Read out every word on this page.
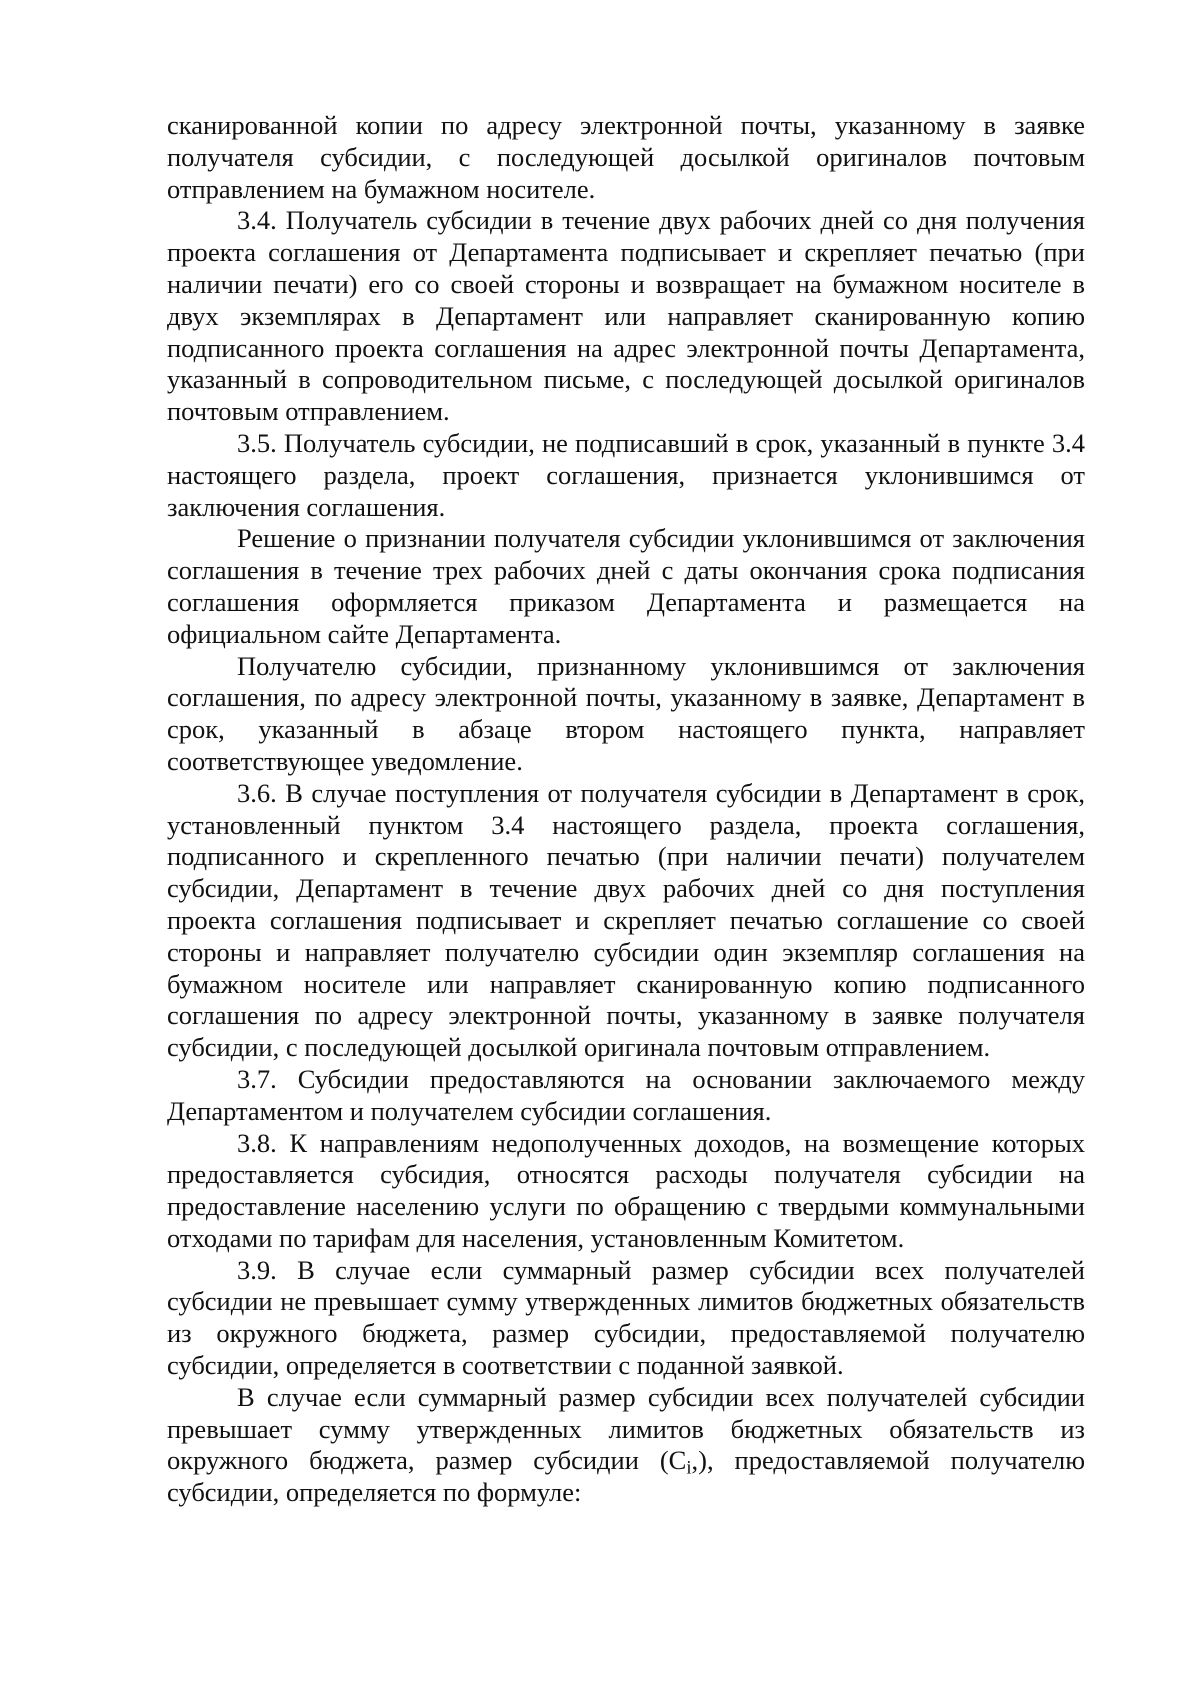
сканированной копии по адресу электронной почты, указанному в заявке получателя субсидии, с последующей досылкой оригиналов почтовым отправлением на бумажном носителе.

3.4. Получатель субсидии в течение двух рабочих дней со дня получения проекта соглашения от Департамента подписывает и скрепляет печатью (при наличии печати) его со своей стороны и возвращает на бумажном носителе в двух экземплярах в Департамент или направляет сканированную копию подписанного проекта соглашения на адрес электронной почты Департамента, указанный в сопроводительном письме, с последующей досылкой оригиналов почтовым отправлением.

3.5. Получатель субсидии, не подписавший в срок, указанный в пункте 3.4 настоящего раздела, проект соглашения, признается уклонившимся от заключения соглашения.

Решение о признании получателя субсидии уклонившимся от заключения соглашения в течение трех рабочих дней с даты окончания срока подписания соглашения оформляется приказом Департамента и размещается на официальном сайте Департамента.

Получателю субсидии, признанному уклонившимся от заключения соглашения, по адресу электронной почты, указанному в заявке, Департамент в срок, указанный в абзаце втором настоящего пункта, направляет соответствующее уведомление.

3.6. В случае поступления от получателя субсидии в Департамент в срок, установленный пунктом 3.4 настоящего раздела, проекта соглашения, подписанного и скрепленного печатью (при наличии печати) получателем субсидии, Департамент в течение двух рабочих дней со дня поступления проекта соглашения подписывает и скрепляет печатью соглашение со своей стороны и направляет получателю субсидии один экземпляр соглашения на бумажном носителе или направляет сканированную копию подписанного соглашения по адресу электронной почты, указанному в заявке получателя субсидии, с последующей досылкой оригинала почтовым отправлением.

3.7. Субсидии предоставляются на основании заключаемого между Департаментом и получателем субсидии соглашения.

3.8. К направлениям недополученных доходов, на возмещение которых предоставляется субсидия, относятся расходы получателя субсидии на предоставление населению услуги по обращению с твердыми коммунальными отходами по тарифам для населения, установленным Комитетом.

3.9. В случае если суммарный размер субсидии всех получателей субсидии не превышает сумму утвержденных лимитов бюджетных обязательств из окружного бюджета, размер субсидии, предоставляемой получателю субсидии, определяется в соответствии с поданной заявкой.

В случае если суммарный размер субсидии всех получателей субсидии превышает сумму утвержденных лимитов бюджетных обязательств из окружного бюджета, размер субсидии (Ci,), предоставляемой получателю субсидии, определяется по формуле:
